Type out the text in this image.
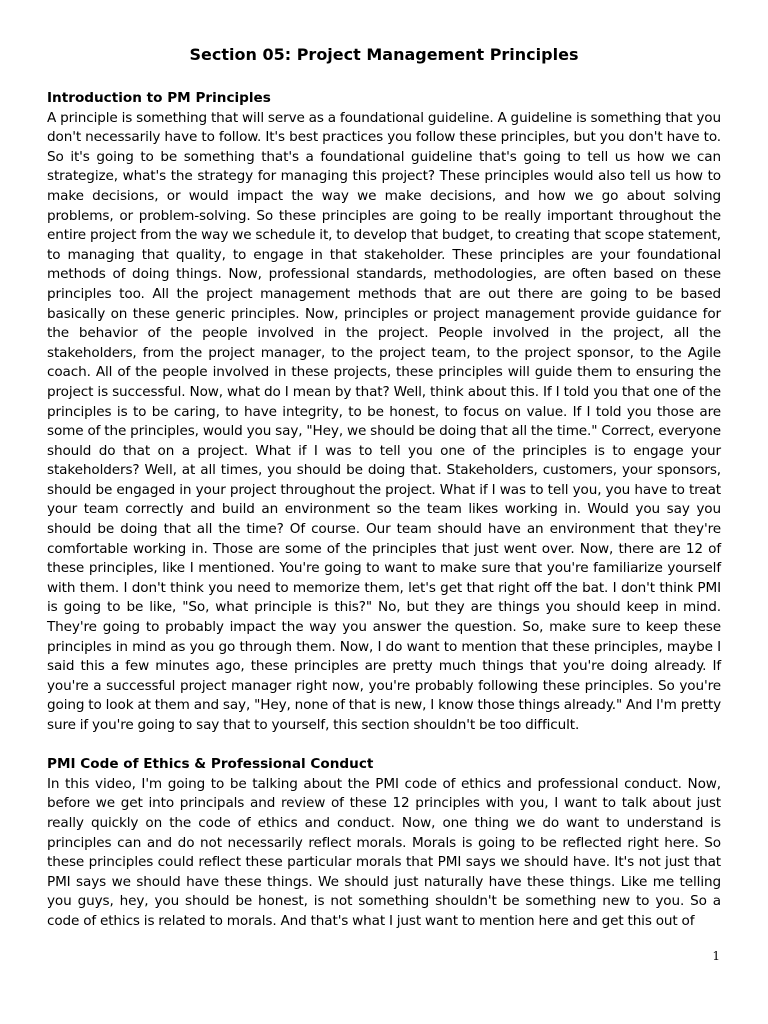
Section 05: Project Management Principles
Introduction to PM Principles

A principle is something that will serve as a foundational guideline. A guideline is something that you don't necessarily have to follow. It's best practices you follow these principles, but you don't have to. So it's going to be something that's a foundational guideline that's going to tell us how we can strategize, what's the strategy for managing this project? These principles would also tell us how to make decisions, or would impact the way we make decisions, and how we go about solving problems, or problem-solving. So these principles are going to be really important throughout the entire project from the way we schedule it, to develop that budget, to creating that scope statement, to managing that quality, to engage in that stakeholder. These principles are your foundational methods of doing things. Now, professional standards, methodologies, are often based on these principles too. All the project management methods that are out there are going to be based basically on these generic principles. Now, principles or project management provide guidance for the behavior of the people involved in the project. People involved in the project, all the stakeholders, from the project manager, to the project team, to the project sponsor, to the Agile coach. All of the people involved in these projects, these principles will guide them to ensuring the project is successful. Now, what do I mean by that? Well, think about this. If I told you that one of the principles is to be caring, to have integrity, to be honest, to focus on value. If I told you those are some of the principles, would you say, "Hey, we should be doing that all the time." Correct, everyone should do that on a project. What if I was to tell you one of the principles is to engage your stakeholders? Well, at all times, you should be doing that. Stakeholders, customers, your sponsors, should be engaged in your project throughout the project. What if I was to tell you, you have to treat your team correctly and build an environment so the team likes working in. Would you say you should be doing that all the time? Of course. Our team should have an environment that they're comfortable working in. Those are some of the principles that just went over. Now, there are 12 of these principles, like I mentioned. You're going to want to make sure that you're familiarize yourself with them. I don't think you need to memorize them, let's get that right off the bat. I don't think PMI is going to be like, "So, what principle is this?" No, but they are things you should keep in mind. They're going to probably impact the way you answer the question. So, make sure to keep these principles in mind as you go through them. Now, I do want to mention that these principles, maybe I said this a few minutes ago, these principles are pretty much things that you're doing already. If you're a successful project manager right now, you're probably following these principles. So you're going to look at them and say, "Hey, none of that is new, I know those things already." And I'm pretty sure if you're going to say that to yourself, this section shouldn't be too difficult.

PMI Code of Ethics & Professional Conduct

In this video, I'm going to be talking about the PMI code of ethics and professional conduct. Now, before we get into principals and review of these 12 principles with you, I want to talk about just really quickly on the code of ethics and conduct. Now, one thing we do want to understand is principles can and do not necessarily reflect morals. Morals is going to be reflected right here. So these principles could reflect these particular morals that PMI says we should have. It's not just that PMI says we should have these things. We should just naturally have these things. Like me telling you guys, hey, you should be honest, is not something shouldn't be something new to you. So a code of ethics is related to morals. And that's what I just want to mention here and get this out of

1
